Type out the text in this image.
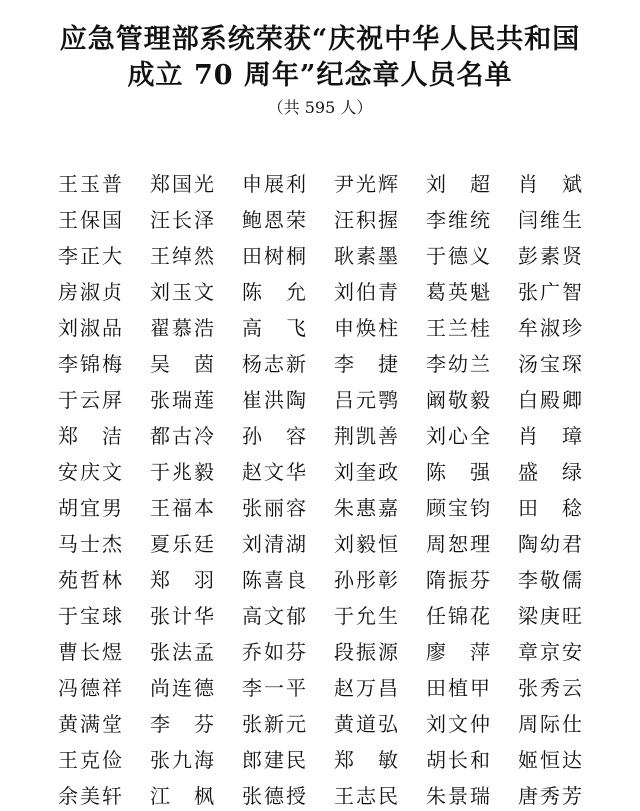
应急管理部系统荣获“庆祝中华人民共和国
成立 70 周年”纪念章人员名单
（共 595 人）
王玉普 郑国光 申展利 尹光辉 刘　超 肖　斌
王保国 汪长泽 鲍恩荣 汪积握 李维统 闫维生
李正大 王绰然 田树桐 耿素墨 于德义 彭素贤
房淑贞 刘玉文 陈　允 刘伯青 葛英魁 张广智
刘淑品 翟慕浩 高　飞 申焕柱 王兰桂 牟淑珍
李锦梅 吴　茵 杨志新 李　捷 李幼兰 汤宝琛
于云屏 张瑞莲 崔洪陶 吕元鹗 阚敬毅 白殿卿
郑　洁 都古冷 孙　容 荆凯善 刘心全 肖　璋
安庆文 于兆毅 赵文华 刘奎政 陈　强 盛　绿
胡宜男 王福本 张丽容 朱惠嘉 顾宝钧 田　稔
马士杰 夏乐廷 刘清湖 刘毅恒 周恕理 陶幼君
苑哲林 郑　羽 陈喜良 孙彤彰 隋振芬 李敬儒
于宝球 张计华 高文郁 于允生 任锦花 梁庚旺
曹长煜 张法孟 乔如芬 段振源 廖　萍 章京安
冯德祥 尚连德 李一平 赵万昌 田植甲 张秀云
黄满堂 李　芬 张新元 黄道弘 刘文仲 周际仕
王克俭 张九海 郎建民 郑　敏 胡长和 姬恒达
余美轩 江　枫 张德授 王志民 朱景瑞 唐秀芳
